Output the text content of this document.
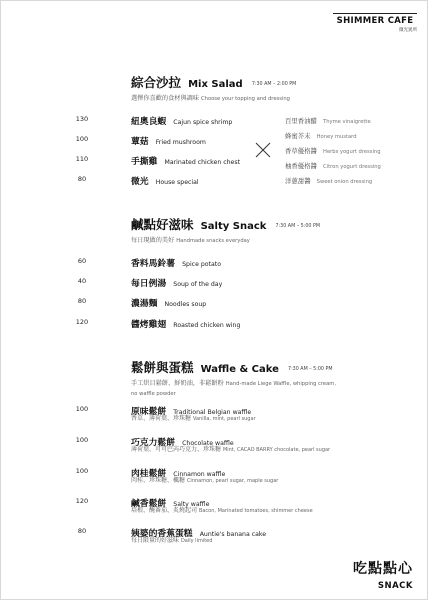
SHIMMER CAFE
微光異所
綜合沙拉 Mix Salad 7:30 AM – 2:00 PM
選擇你喜歡的食材與調味 Choose your topping and dressing
130	紐奧良蝦 Cajun spice shrimp
100	蕈菇 Fried mushroom
110	手撕雞 Marinated chicken chest
80	微光 House special
百里香油醋 Thyme vinaigrette
蜂蜜芥末 Honey mustard
香草優格醬 Herbs yogurt dressing
柚香優格醬 Citron yogurt dressing
洋蔥甜醬 Sweet onion dressing
鹹點好滋味 Salty Snack 7:30 AM – 5:00 PM
每日現做的美好 Handmade snacks everyday
60	香料馬鈴薯 Spice potato
40	每日例湯 Soup of the day
80	濃湯麵 Noodles soup
120	醬烤雞翅 Roasted chicken wing
鬆餅與蛋糕 Waffle & Cake 7:30 AM – 5:00 PM
手工烘目鬆餅、鮮奶油，非鬆餅粉 Hand-made Liege Waffle, whipping cream,
no waffle powder
100	原味鬆餅 Traditional Belgian waffle
香草、薄荷葉、珍珠糖 Vanilla, mint, pearl sugar
100	巧克力鬆餅 Chocolate waffle
薄荷葉、可可巴芮巧克力、珍珠糖 Mint, CACAO BARRY chocolate, pearl sugar
100	肉桂鬆餅 Cinnamon waffle
肉桂、珍珠糖、楓糖 Cinnamon, pearl sugar, maple sugar
120	鹹香鬆餅 Salty waffle
培根、醃番茄、炙燒起司 Bacon, Marinated tomatoes, shimmer cheese
80	姨婆的香蕉蛋糕 Auntie's banana cake
每日限量的好滋味 Daily limited
吃點點心
SNACK
